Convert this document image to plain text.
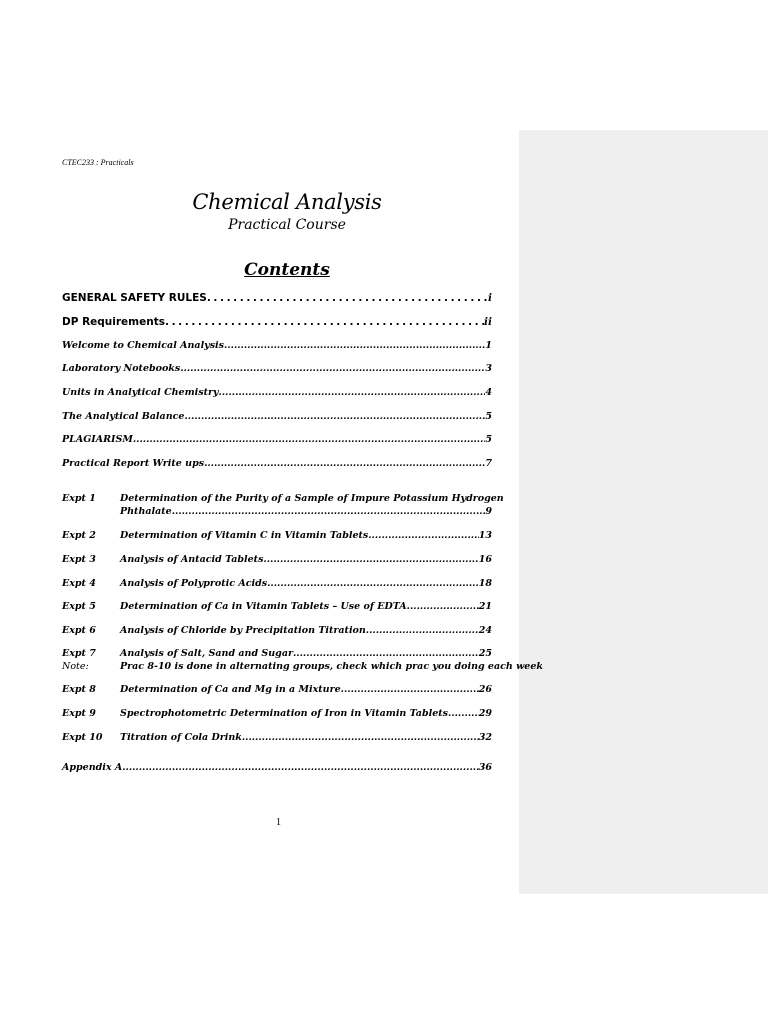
CTEC233 : Practicals
Chemical Analysis
Practical Course
Contents
GENERAL SAFETY RULES .....	i
DP Requirements .....	ii
Welcome to Chemical Analysis .....	1
Laboratory Notebooks .....	3
Units in Analytical Chemistry .....	4
The Analytical Balance .....	5
PLAGIARISM .....	5
Practical Report Write ups .....	7
Expt 1	Determination of the Purity of a Sample of Impure Potassium Hydrogen
Phthalate .....	9
Expt 2	Determination of Vitamin C in Vitamin Tablets .....	13
Expt 3	Analysis of Antacid Tablets .....	16
Expt 4	Analysis of Polyprotic Acids .....	18
Expt 5	Determination of Ca in Vitamin Tablets – Use of EDTA .....	21
Expt 6	Analysis of Chloride by Precipitation Titration .....	24
Expt 7	Analysis of Salt, Sand and Sugar .....	25
Note:	Prac 8-10 is done in alternating groups, check which prac you doing each week
Expt 8	Determination of Ca and Mg in a Mixture .....	26
Expt 9	Spectrophotometric Determination of Iron in Vitamin Tablets .....	29
Expt 10	Titration of Cola Drink .....	32
Appendix A .....	36
1
